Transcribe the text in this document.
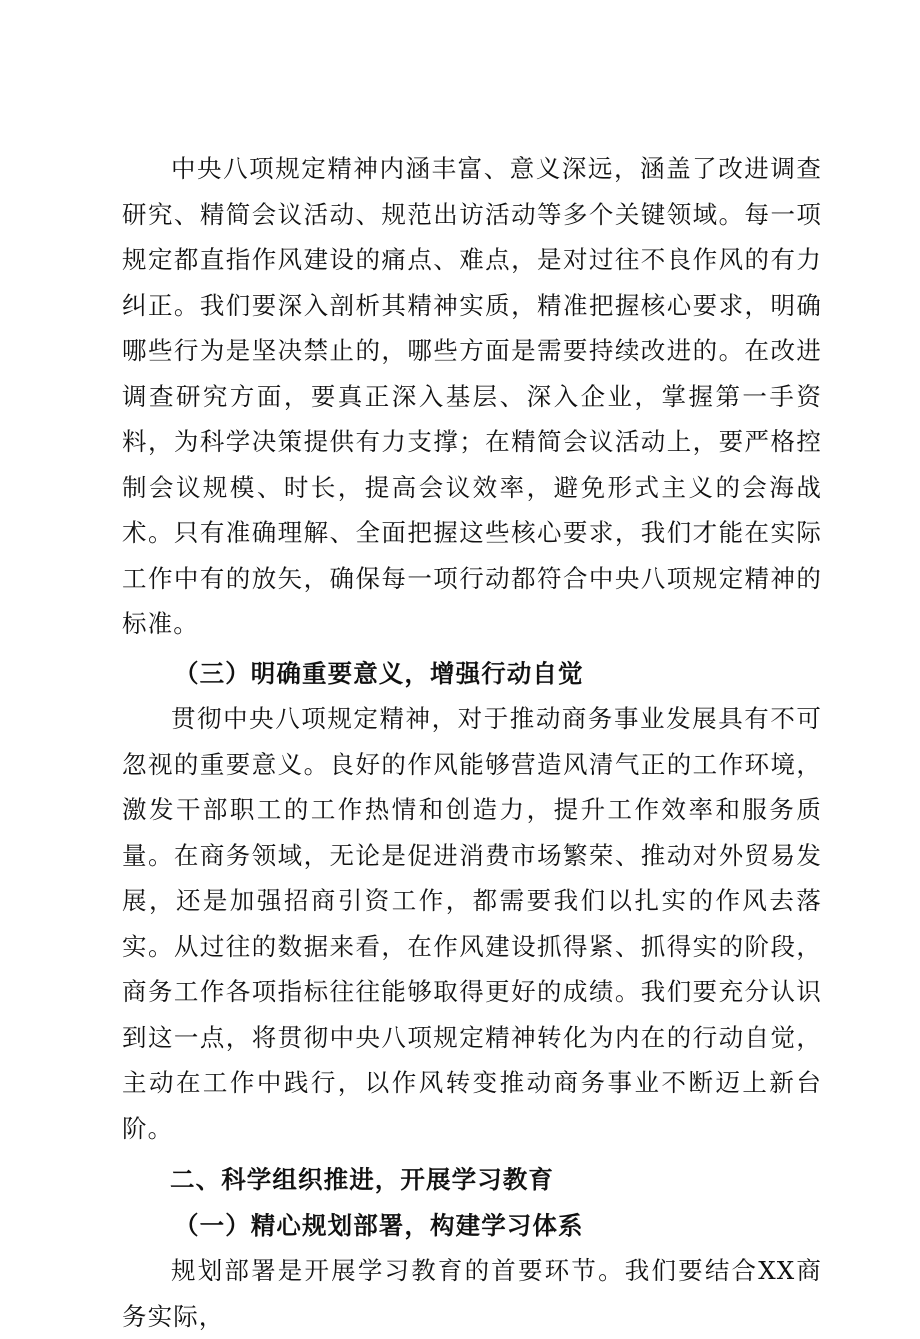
中央八项规定精神内涵丰富、意义深远，涵盖了改进调查研究、精简会议活动、规范出访活动等多个关键领域。每一项规定都直指作风建设的痛点、难点，是对过往不良作风的有力纠正。我们要深入剖析其精神实质，精准把握核心要求，明确哪些行为是坚决禁止的，哪些方面是需要持续改进的。在改进调查研究方面，要真正深入基层、深入企业，掌握第一手资料，为科学决策提供有力支撑；在精简会议活动上，要严格控制会议规模、时长，提高会议效率，避免形式主义的会海战术。只有准确理解、全面把握这些核心要求，我们才能在实际工作中有的放矢，确保每一项行动都符合中央八项规定精神的标准。

（三）明确重要意义，增强行动自觉

贯彻中央八项规定精神，对于推动商务事业发展具有不可忽视的重要意义。良好的作风能够营造风清气正的工作环境，激发干部职工的工作热情和创造力，提升工作效率和服务质量。在商务领域，无论是促进消费市场繁荣、推动对外贸易发展，还是加强招商引资工作，都需要我们以扎实的作风去落实。从过往的数据来看，在作风建设抓得紧、抓得实的阶段，商务工作各项指标往往能够取得更好的成绩。我们要充分认识到这一点，将贯彻中央八项规定精神转化为内在的行动自觉，主动在工作中践行，以作风转变推动商务事业不断迈上新台阶。

二、科学组织推进，开展学习教育

（一）精心规划部署，构建学习体系

规划部署是开展学习教育的首要环节。我们要结合XX商务实际，
